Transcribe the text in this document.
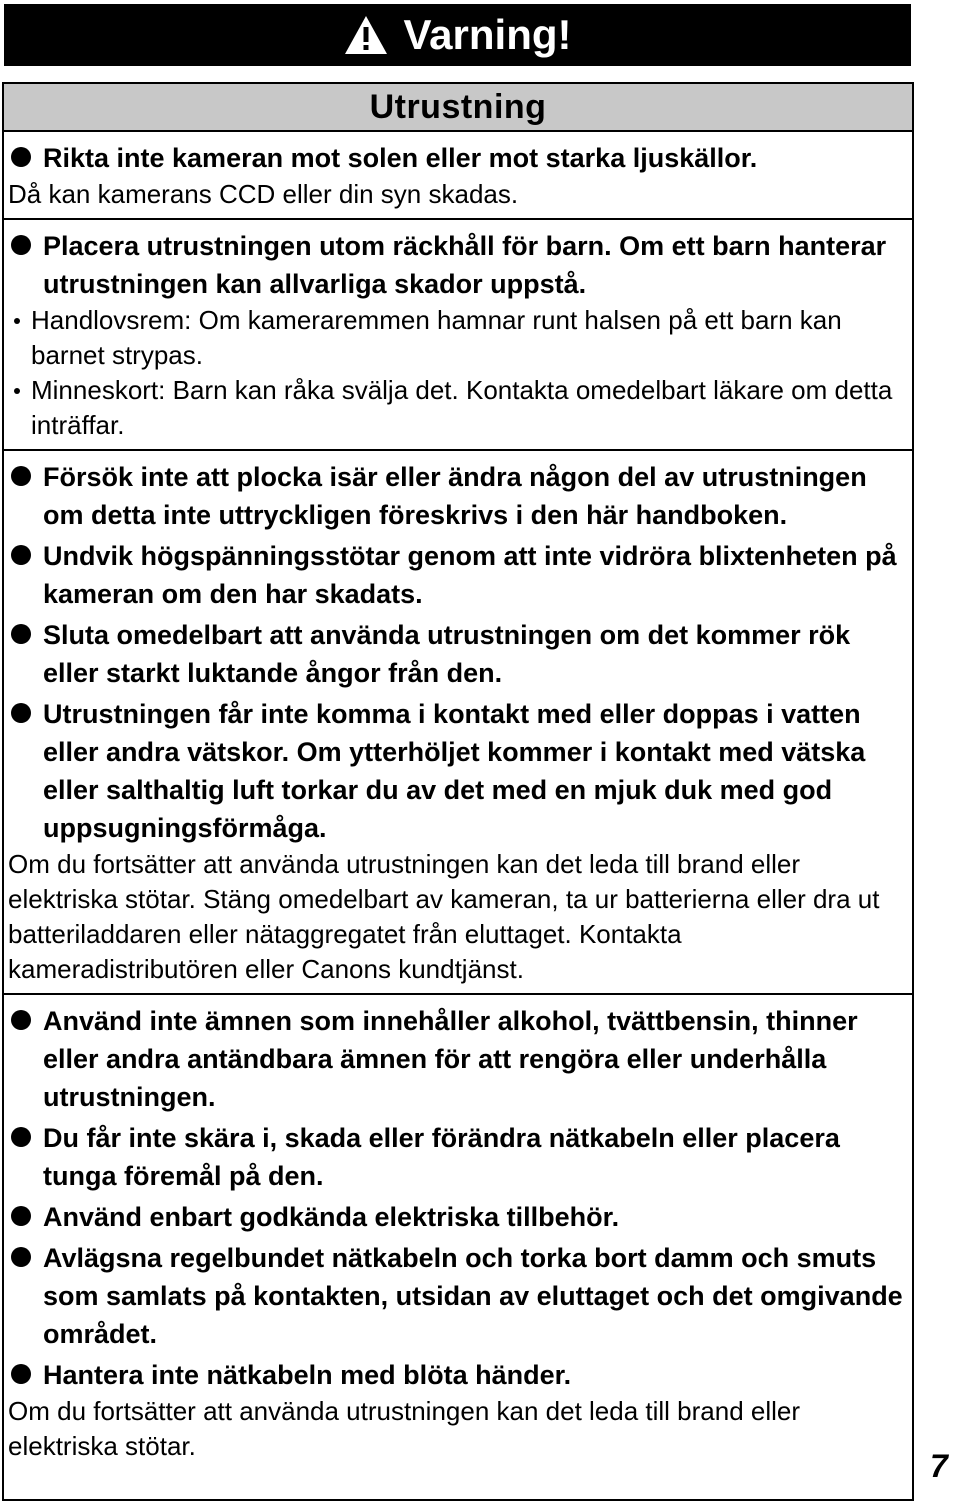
Varning!
Utrustning
Rikta inte kameran mot solen eller mot starka ljuskällor.
Då kan kamerans CCD eller din syn skadas.
Placera utrustningen utom räckhåll för barn. Om ett barn hanterar utrustningen kan allvarliga skador uppstå.
Handlovsrem: Om kameraremmen hamnar runt halsen på ett barn kan barnet strypas.
Minneskort: Barn kan råka svälja det. Kontakta omedelbart läkare om detta inträffar.
Försök inte att plocka isär eller ändra någon del av utrustningen om detta inte uttryckligen föreskrivs i den här handboken.
Undvik högspänningsstötar genom att inte vidröra blixtenheten på kameran om den har skadats.
Sluta omedelbart att använda utrustningen om det kommer rök eller starkt luktande ångor från den.
Utrustningen får inte komma i kontakt med eller doppas i vatten eller andra vätskor. Om ytterhöljet kommer i kontakt med vätska eller salthaltig luft torkar du av det med en mjuk duk med god uppsugningsförmåga.
Om du fortsätter att använda utrustningen kan det leda till brand eller elektriska stötar. Stäng omedelbart av kameran, ta ur batterierna eller dra ut batteriladdaren eller nätaggregatet från eluttaget. Kontakta kameradistributören eller Canons kundtjänst.
Använd inte ämnen som innehåller alkohol, tvättbensin, thinner eller andra antändbara ämnen för att rengöra eller underhålla utrustningen.
Du får inte skära i, skada eller förändra nätkabeln eller placera tunga föremål på den.
Använd enbart godkända elektriska tillbehör.
Avlägsna regelbundet nätkabeln och torka bort damm och smuts som samlats på kontakten, utsidan av eluttaget och det omgivande området.
Hantera inte nätkabeln med blöta händer.
Om du fortsätter att använda utrustningen kan det leda till brand eller elektriska stötar.
7
